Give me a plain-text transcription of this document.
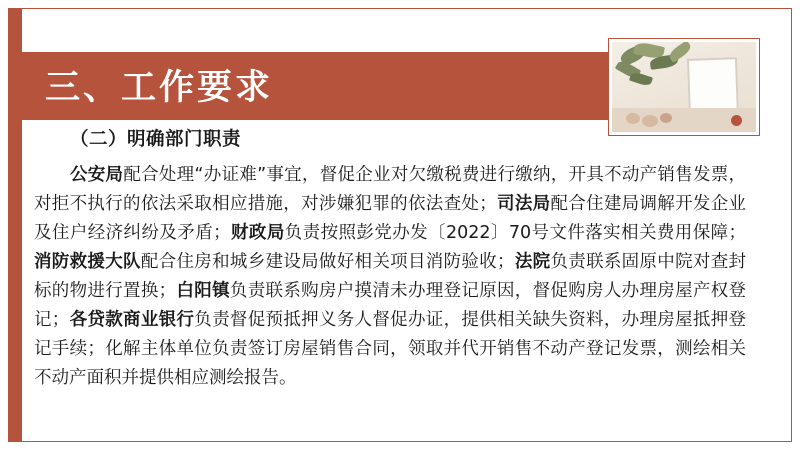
三、工作要求
（二）明确部门职责
公安局配合处理“办证难”事宜，督促企业对欠缴税费进行缴纳，开具不动产销售发票，对拒不执行的依法采取相应措施，对涉嫌犯罪的依法查处；司法局配合住建局调解开发企业及住户经济纠纷及矛盾；财政局负责按照彭党办发〔2022〕70号文件落实相关费用保障；消防救援大队配合住房和城乡建设局做好相关项目消防验收；法院负责联系固原中院对查封标的物进行置换；白阳镇负责联系购房户摸清未办理登记原因，督促购房人办理房屋产权登记；各贷款商业银行负责督促预抵押义务人督促办证，提供相关缺失资料，办理房屋抵押登记手续；化解主体单位负责签订房屋销售合同，领取并代开销售不动产登记发票，测绘相关不动产面积并提供相应测绘报告。
